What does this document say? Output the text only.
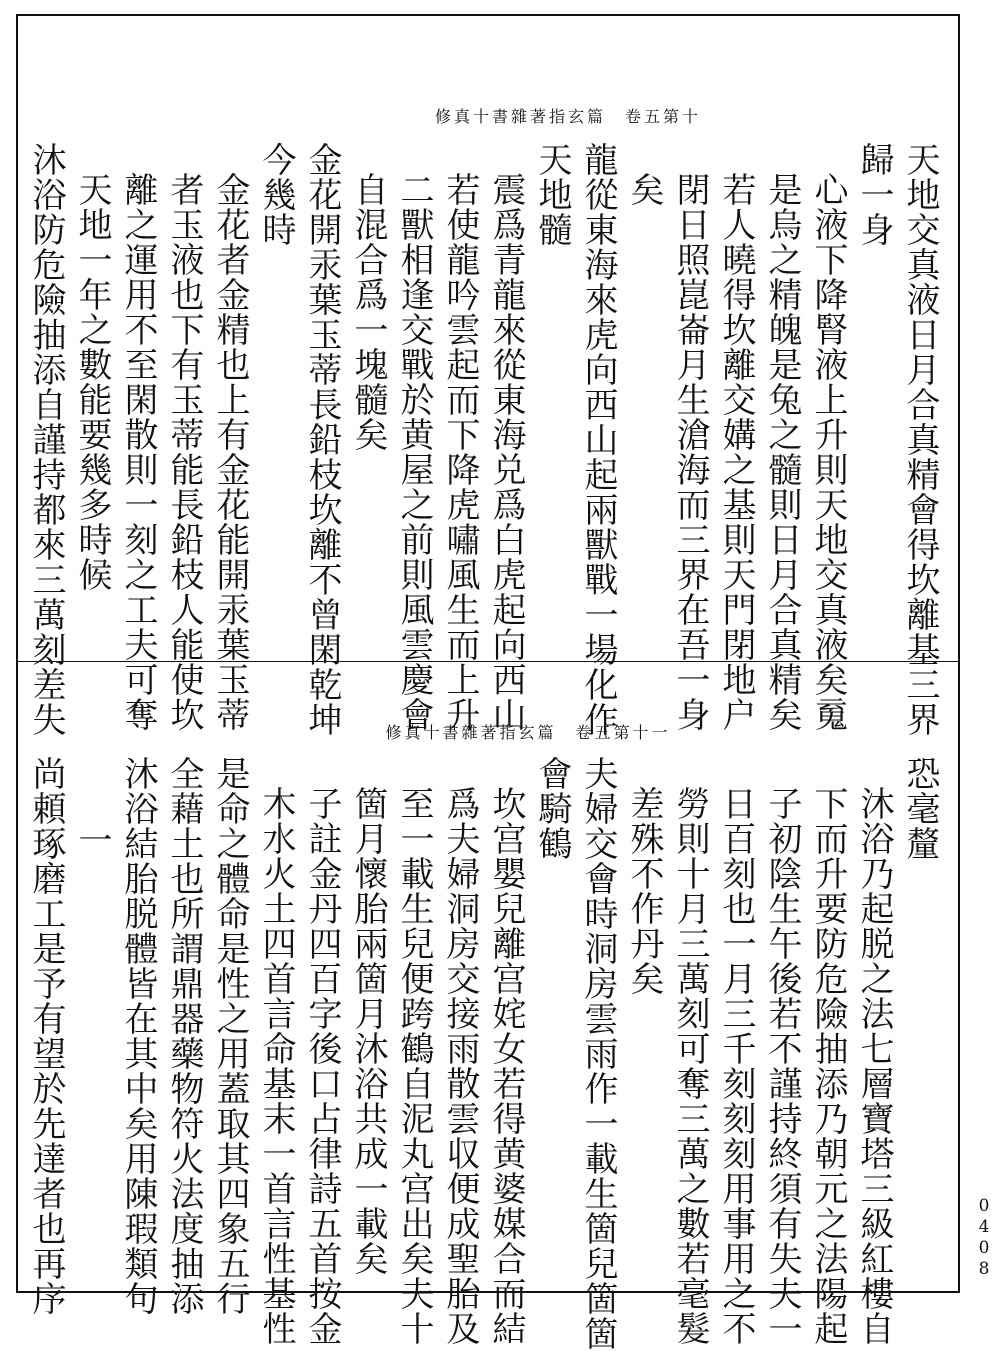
修真十書雜著指玄篇　卷五第十
天地交真液日月合真精會得坎離基三界
歸一身
心液下降腎液上升則天地交真液矣䰟
是烏之精魄是兔之髓則日月合真精矣
若人曉得坎離交媾之基則天門閉地户
閉日照崑崙月生滄海而三界在吾一身
矣
龍從東海來虎向西山起兩獸戰一場化作
天地髓
震爲青龍來從東海兑爲白虎起向西山
若使龍吟雲起而下降虎嘯風生而上升
二獸相逢交戰於黄屋之前則風雲慶會
自混合爲一塊髓矣
金花開汞葉玉蒂長鉛枝坎離不曾閑乾坤
今幾時
金花者金精也上有金花能開汞葉玉蒂
者玉液也下有玉蒂能長鉛枝人能使坎
離之運用不至閑散則一刻之工夫可奪
天地一年之數能要幾多時候
沐浴防危險抽添自謹持都來三萬刻差失	修真十書雜著指玄篇　卷五第十一
恐毫釐
沐浴乃起脱之法七層寶塔三級紅樓自
下而升要防危險抽添乃朝元之法陽起
子初陰生午後若不謹持終須有失夫一
日百刻也一月三千刻刻刻用事用之不
勞則十月三萬刻可奪三萬之數若毫髮
差殊不作丹矣
夫婦交會時洞房雲雨作一載生箇兒箇箇
會騎鶴
坎宫嬰兒離宫姹女若得黄婆媒合而結
爲夫婦洞房交接雨散雲収便成聖胎及
至一載生兒便跨鶴自泥丸宫出矣夫十
箇月懷胎兩箇月沐浴共成一載矣
子註金丹四百字後口占律詩五首按金
木水火土四首言命基末一首言性基性
是命之體命是性之用蓋取其四象五行
全藉土也所謂鼎器藥物符火法度抽添
沐浴結胎脱體皆在其中矣用陳瑕類句
一
尚頼琢磨工是予有望於先達者也再序	0408
